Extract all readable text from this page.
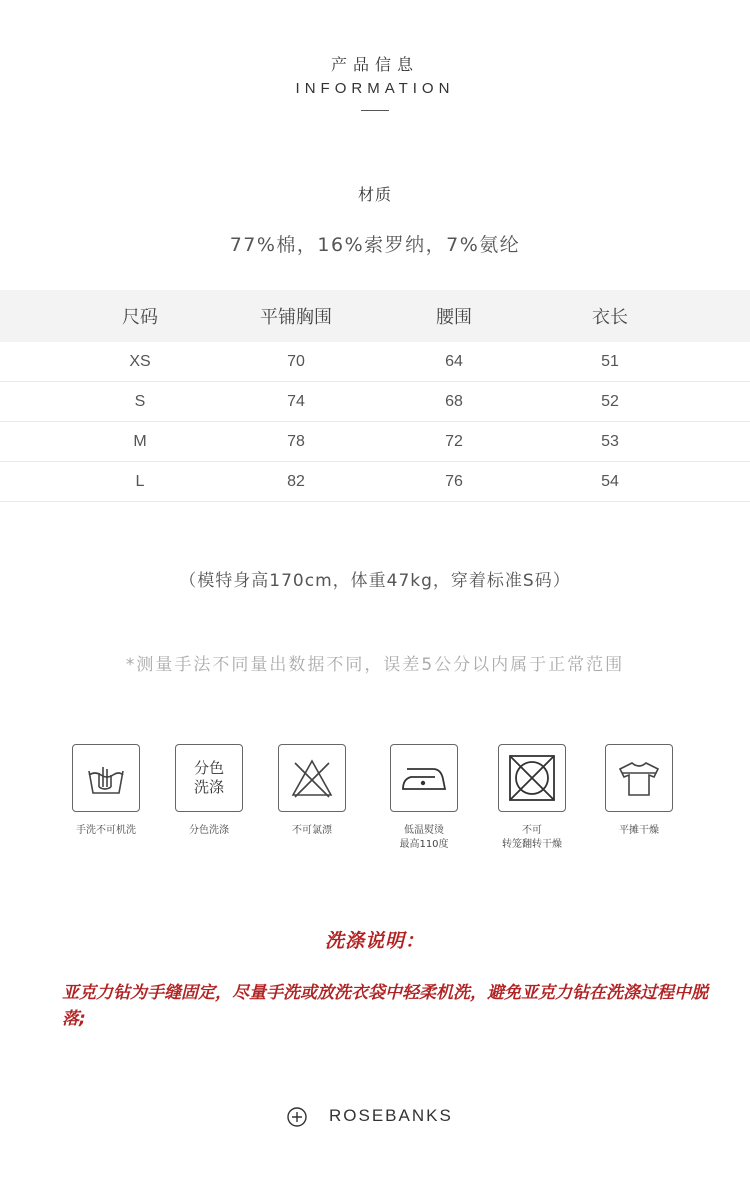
产品信息
INFORMATION
材质
77%棉，16%索罗纳，7%氨纶
尺码	平铺胸围	腰围	衣长
XS	70	64	51
S	74	68	52
M	78	72	53
L	82	76	54
（模特身高170cm，体重47kg，穿着标准S码）
*测量手法不同量出数据不同，误差5公分以内属于正常范围
手洗不可机洗
分色
洗涤
分色洗涤	不可氯漂	低温熨烫
最高110度
不可
转笼翻转干燥
平摊干燥
洗涤说明：
亚克力钻为手缝固定，尽量手洗或放洗衣袋中轻柔机洗，避免亚克力钻在洗涤过程中脱落;
ROSEBANKS
